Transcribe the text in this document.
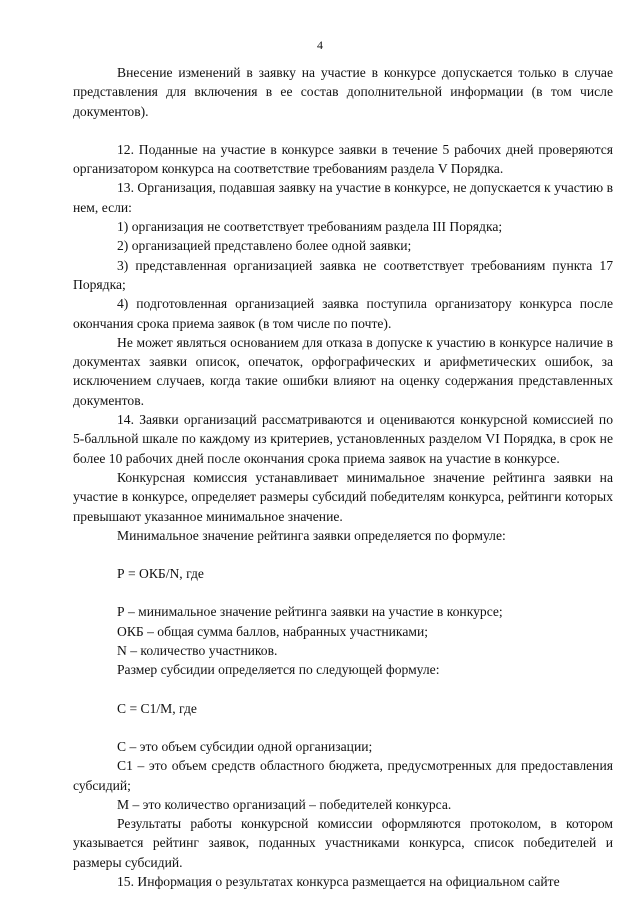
4

Внесение изменений в заявку на участие в конкурсе допускается только в случае представления для включения в ее состав дополнительной информации (в том числе документов).

12. Поданные на участие в конкурсе заявки в течение 5 рабочих дней проверяются организатором конкурса на соответствие требованиям раздела V Порядка.

13. Организация, подавшая заявку на участие в конкурсе, не допускается к участию в нем, если:

1) организация не соответствует требованиям раздела III Порядка;

2) организацией представлено более одной заявки;

3) представленная организацией заявка не соответствует требованиям пункта 17 Порядка;

4) подготовленная организацией заявка поступила организатору конкурса после окончания срока приема заявок (в том числе по почте).

Не может являться основанием для отказа в допуске к участию в конкурсе наличие в документах заявки описок, опечаток, орфографических и арифметических ошибок, за исключением случаев, когда такие ошибки влияют на оценку содержания представленных документов.

14. Заявки организаций рассматриваются и оцениваются конкурсной комиссией по 5-балльной шкале по каждому из критериев, установленных разделом VI Порядка, в срок не более 10 рабочих дней после окончания срока приема заявок на участие в конкурсе.

Конкурсная комиссия устанавливает минимальное значение рейтинга заявки на участие в конкурсе, определяет размеры субсидий победителям конкурса, рейтинги которых превышают указанное минимальное значение.

Минимальное значение рейтинга заявки определяется по формуле:

Р = ОКБ/N, где

Р – минимальное значение рейтинга заявки на участие в конкурсе;

ОКБ – общая сумма баллов, набранных участниками;

N – количество участников.

Размер субсидии определяется по следующей формуле:

С = С1/М, где

С – это объем субсидии одной организации;

С1 – это объем средств областного бюджета, предусмотренных для предоставления субсидий;

М – это количество организаций – победителей конкурса.

Результаты работы конкурсной комиссии оформляются протоколом, в котором указывается рейтинг заявок, поданных участниками конкурса, список победителей и размеры субсидий.

15. Информация о результатах конкурса размещается на официальном сайте
